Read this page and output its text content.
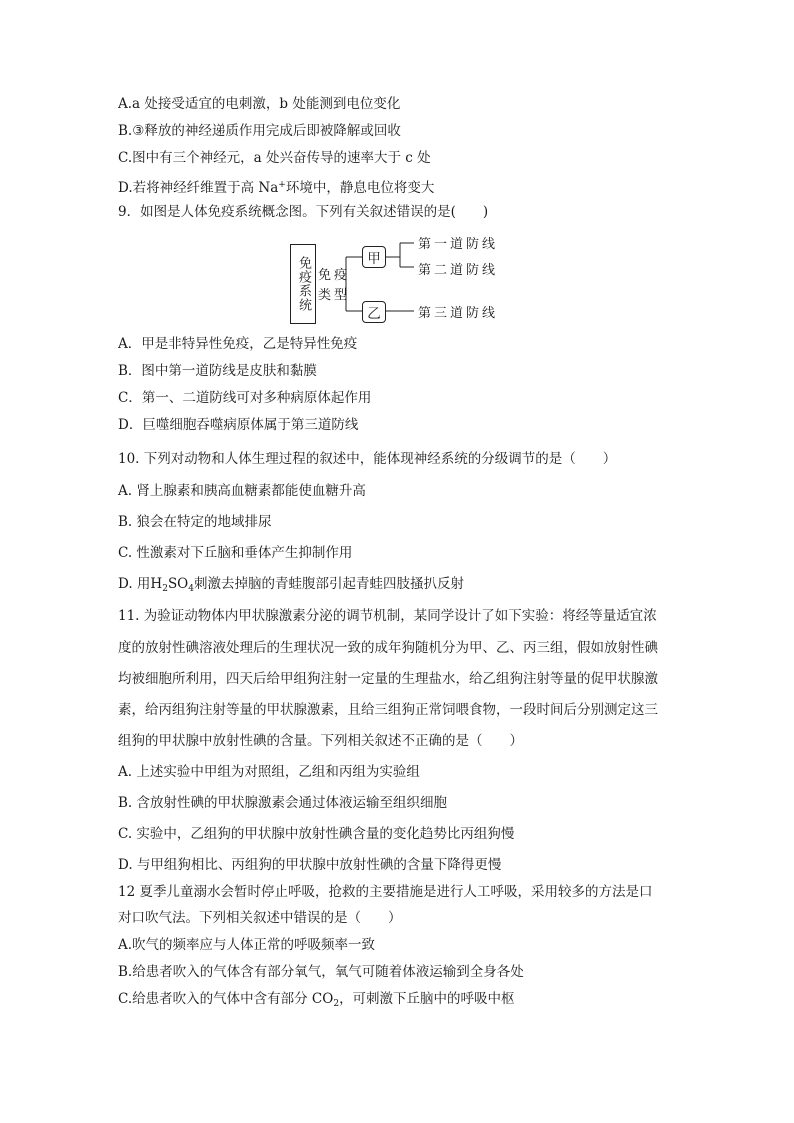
A.a 处接受适宜的电刺激，b 处能测到电位变化
B.③释放的神经递质作用完成后即被降解或回收
C.图中有三个神经元，a 处兴奋传导的速率大于 c 处
D.若将神经纤维置于高 Na+环境中，静息电位将变大
9．如图是人体免疫系统概念图。下列有关叙述错误的是(　　)
免疫系统 免疫
类型
甲
乙
第一道防线
第二道防线
第三道防线
A．甲是非特异性免疫，乙是特异性免疫
B．图中第一道防线是皮肤和黏膜
C．第一、二道防线可对多种病原体起作用
D．巨噬细胞吞噬病原体属于第三道防线
10. 下列对动物和人体生理过程的叙述中，能体现神经系统的分级调节的是（　　）
A. 肾上腺素和胰高血糖素都能使血糖升高
B. 狼会在特定的地域排尿
C. 性激素对下丘脑和垂体产生抑制作用
D. 用$H_2SO_4$刺激去掉脑的青蛙腹部引起青蛙四肢搔扒反射
11. 为验证动物体内甲状腺激素分泌的调节机制，某同学设计了如下实验：将经等量适宜浓
度的放射性碘溶液处理后的生理状况一致的成年狗随机分为甲、乙、丙三组，假如放射性碘
均被细胞所利用，四天后给甲组狗注射一定量的生理盐水，给乙组狗注射等量的促甲状腺激
素，给丙组狗注射等量的甲状腺激素，且给三组狗正常饲喂食物，一段时间后分别测定这三
组狗的甲状腺中放射性碘的含量。下列相关叙述不正确的是（　　）
A. 上述实验中甲组为对照组，乙组和丙组为实验组
B. 含放射性碘的甲状腺激素会通过体液运输至组织细胞
C. 实验中，乙组狗的甲状腺中放射性碘含量的变化趋势比丙组狗慢
D. 与甲组狗相比、丙组狗的甲状腺中放射性碘的含量下降得更慢
12 夏季儿童溺水会暂时停止呼吸，抢救的主要措施是进行人工呼吸，采用较多的方法是口
对口吹气法。下列相关叙述中错误的是（　　）
A.吹气的频率应与人体正常的呼吸频率一致
B.给患者吹入的气体含有部分氧气，氧气可随着体液运输到全身各处
C.给患者吹入的气体中含有部分 $CO_2$，可刺激下丘脑中的呼吸中枢
